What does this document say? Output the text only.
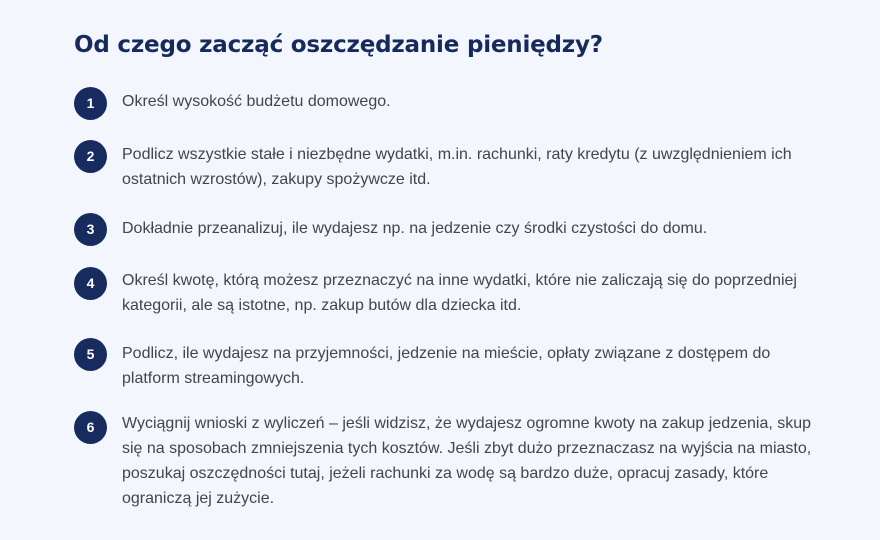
Od czego zacząć oszczędzanie pieniędzy?
1	Określ wysokość budżetu domowego.

2	Podlicz wszystkie stałe i niezbędne wydatki, m.in. rachunki, raty kredytu (z uwzględnieniem ich ostatnich wzrostów), zakupy spożywcze itd.

3	Dokładnie przeanalizuj, ile wydajesz np. na jedzenie czy środki czystości do domu.

4	Określ kwotę, którą możesz przeznaczyć na inne wydatki, które nie zaliczają się do poprzedniej kategorii, ale są istotne, np. zakup butów dla dziecka itd.

5	Podlicz, ile wydajesz na przyjemności, jedzenie na mieście, opłaty związane z dostępem do platform streamingowych.

6	Wyciągnij wnioski z wyliczeń – jeśli widzisz, że wydajesz ogromne kwoty na zakup jedzenia, skup się na sposobach zmniejszenia tych kosztów. Jeśli zbyt dużo przeznaczasz na wyjścia na miasto, poszukaj oszczędności tutaj, jeżeli rachunki za wodę są bardzo duże, opracuj zasady, które ograniczą jej zużycie.
